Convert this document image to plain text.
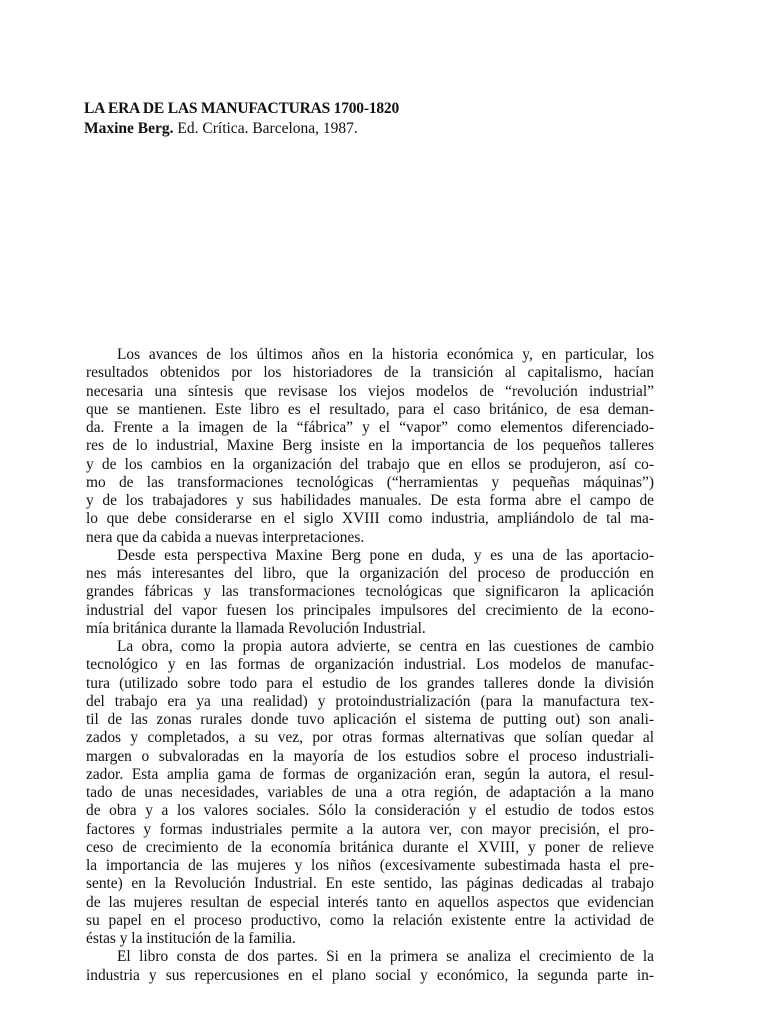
LA ERA DE LAS MANUFACTURAS 1700-1820

Maxine Berg. Ed. Crítica. Barcelona, 1987.

Los avances de los últimos años en la historia económica y, en particular, los
resultados obtenidos por los historiadores de la transición al capitalismo, hacían
necesaria una síntesis que revisase los viejos modelos de “revolución industrial”
que se mantienen. Este libro es el resultado, para el caso británico, de esa deman-
da. Frente a la imagen de la “fábrica” y el “vapor” como elementos diferenciado-
res de lo industrial, Maxine Berg insiste en la importancia de los pequeños talleres
y de los cambios en la organización del trabajo que en ellos se produjeron, así co-
mo de las transformaciones tecnológicas (“herramientas y pequeñas máquinas”)
y de los trabajadores y sus habilidades manuales. De esta forma abre el campo de
lo que debe considerarse en el siglo XVIII como industria, ampliándolo de tal ma-
nera que da cabida a nuevas interpretaciones.
Desde esta perspectiva Maxine Berg pone en duda, y es una de las aportacio-
nes más interesantes del libro, que la organización del proceso de producción en
grandes fábricas y las transformaciones tecnológicas que significaron la aplicación
industrial del vapor fuesen los principales impulsores del crecimiento de la econo-
mía británica durante la llamada Revolución Industrial.
La obra, como la propia autora advierte, se centra en las cuestiones de cambio
tecnológico y en las formas de organización industrial. Los modelos de manufac-
tura (utilizado sobre todo para el estudio de los grandes talleres donde la división
del trabajo era ya una realidad) y protoindustrialización (para la manufactura tex-
til de las zonas rurales donde tuvo aplicación el sistema de putting out) son anali-
zados y completados, a su vez, por otras formas alternativas que solían quedar al
margen o subvaloradas en la mayoría de los estudios sobre el proceso industriali-
zador. Esta amplia gama de formas de organización eran, según la autora, el resul-
tado de unas necesidades, variables de una a otra región, de adaptación a la mano
de obra y a los valores sociales. Sólo la consideración y el estudio de todos estos
factores y formas industriales permite a la autora ver, con mayor precisión, el pro-
ceso de crecimiento de la economía británica durante el XVIII, y poner de relieve
la importancia de las mujeres y los niños (excesivamente subestimada hasta el pre-
sente) en la Revolución Industrial. En este sentido, las páginas dedicadas al trabajo
de las mujeres resultan de especial interés tanto en aquellos aspectos que evidencian
su papel en el proceso productivo, como la relación existente entre la actividad de
éstas y la institución de la familia.
El libro consta de dos partes. Si en la primera se analiza el crecimiento de la
industria y sus repercusiones en el plano social y económico, la segunda parte in-
